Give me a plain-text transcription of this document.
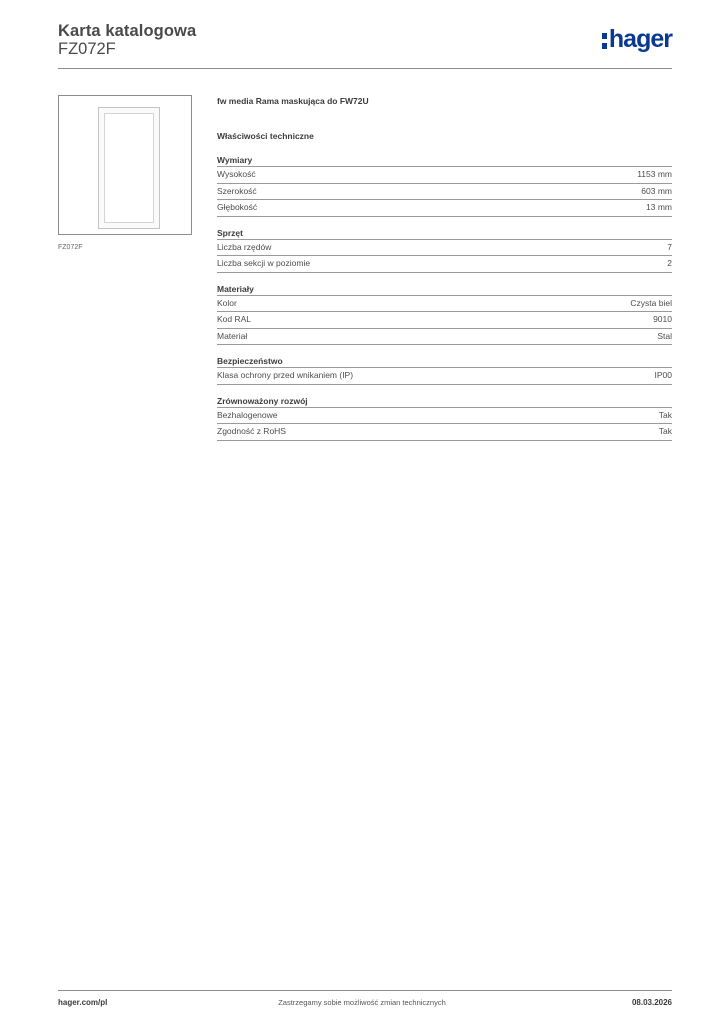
Karta katalogowa
FZ072F	hager
FZ072F
fw media Rama maskująca do FW72U
Właściwości techniczne
Wymiary
Wysokość	1153 mm
Szerokość	603 mm
Głębokość	13 mm
Sprzęt
Liczba rzędów	7
Liczba sekcji w poziomie	2
Materiały
Kolor	Czysta biel
Kod RAL	9010
Materiał	Stal
Bezpieczeństwo
Klasa ochrony przed wnikaniem (IP)	IP00
Zrównoważony rozwój
Bezhalogenowe	Tak
Zgodność z RoHS	Tak
hager.com/pl	Zastrzegamy sobie możliwość zmian technicznych	08.03.2026
